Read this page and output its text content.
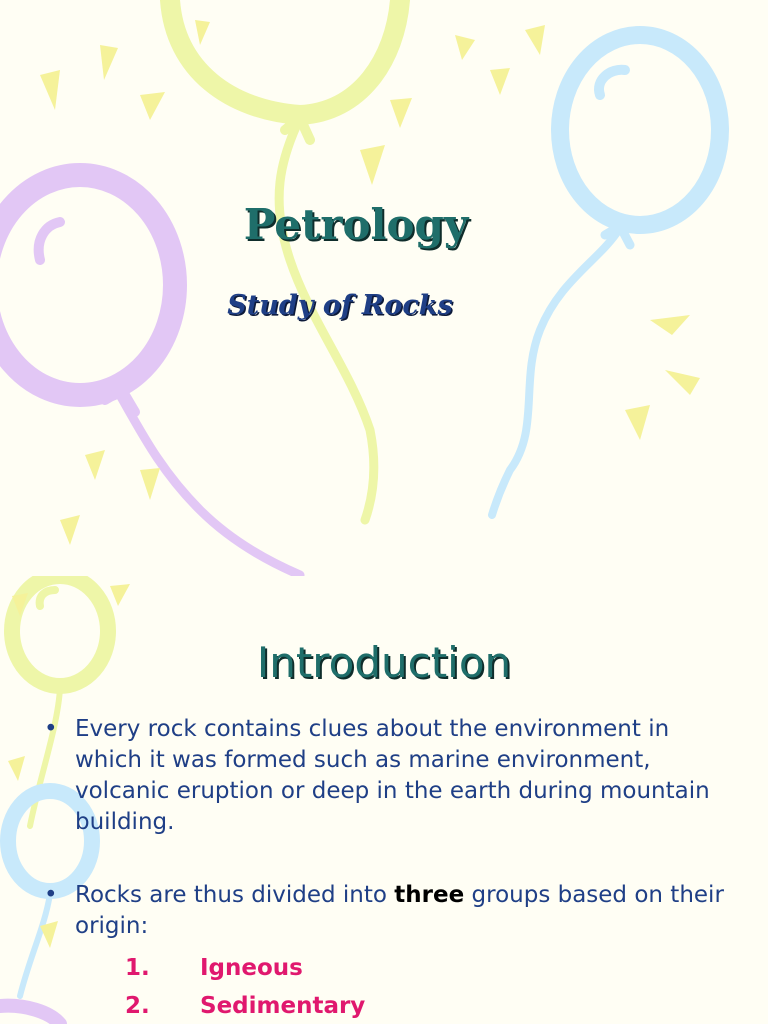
Petrology
Study of Rocks
Introduction
• Every rock contains clues about the environment in which it was formed such as marine environment, volcanic eruption or deep in the earth during mountain building.
• Rocks are thus divided into three groups based on their origin:
1. Igneous
2. Sedimentary
